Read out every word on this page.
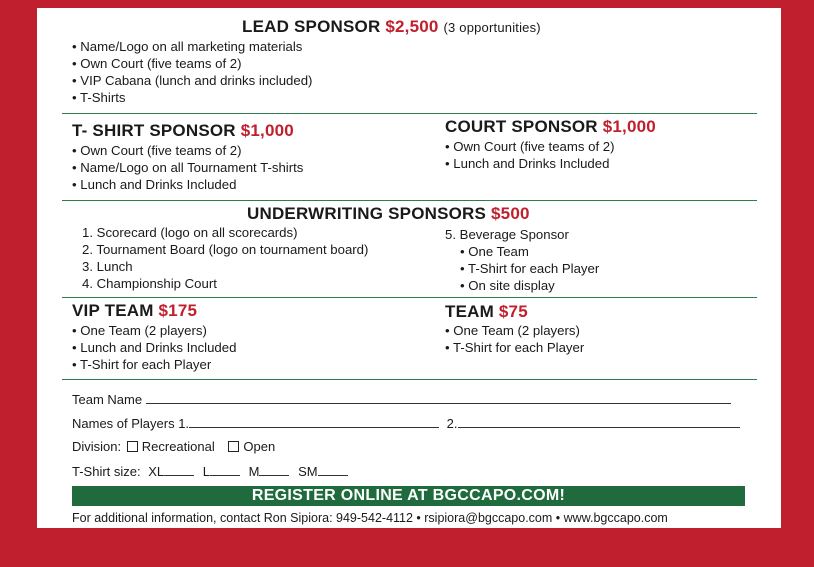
LEAD SPONSOR $2,500 (3 opportunities)
• Name/Logo on all marketing materials
• Own Court (five teams of 2)
• VIP Cabana (lunch and drinks included)
• T-Shirts
T- SHIRT SPONSOR $1,000
• Own Court (five teams of 2)
• Name/Logo on all Tournament T-shirts
• Lunch and Drinks Included
COURT SPONSOR $1,000
• Own Court (five teams of 2)
• Lunch and Drinks Included
UNDERWRITING SPONSORS $500
1. Scorecard (logo on all scorecards)
2. Tournament Board (logo on tournament board)
3. Lunch
4. Championship Court
5. Beverage Sponsor
• One Team
• T-Shirt for each Player
• On site display
VIP TEAM $175
• One Team (2 players)
• Lunch and Drinks Included
• T-Shirt for each Player
TEAM $75
• One Team (2 players)
• T-Shirt for each Player
Team Name
Names of Players 1.	2.
Division: Recreational Open
T-Shirt size: XL	L	M	SM
REGISTER ONLINE AT BGCCAPO.COM!
For additional information, contact Ron Sipiora: 949-542-4112 • rsipiora@bgccapo.com • www.bgccapo.com
